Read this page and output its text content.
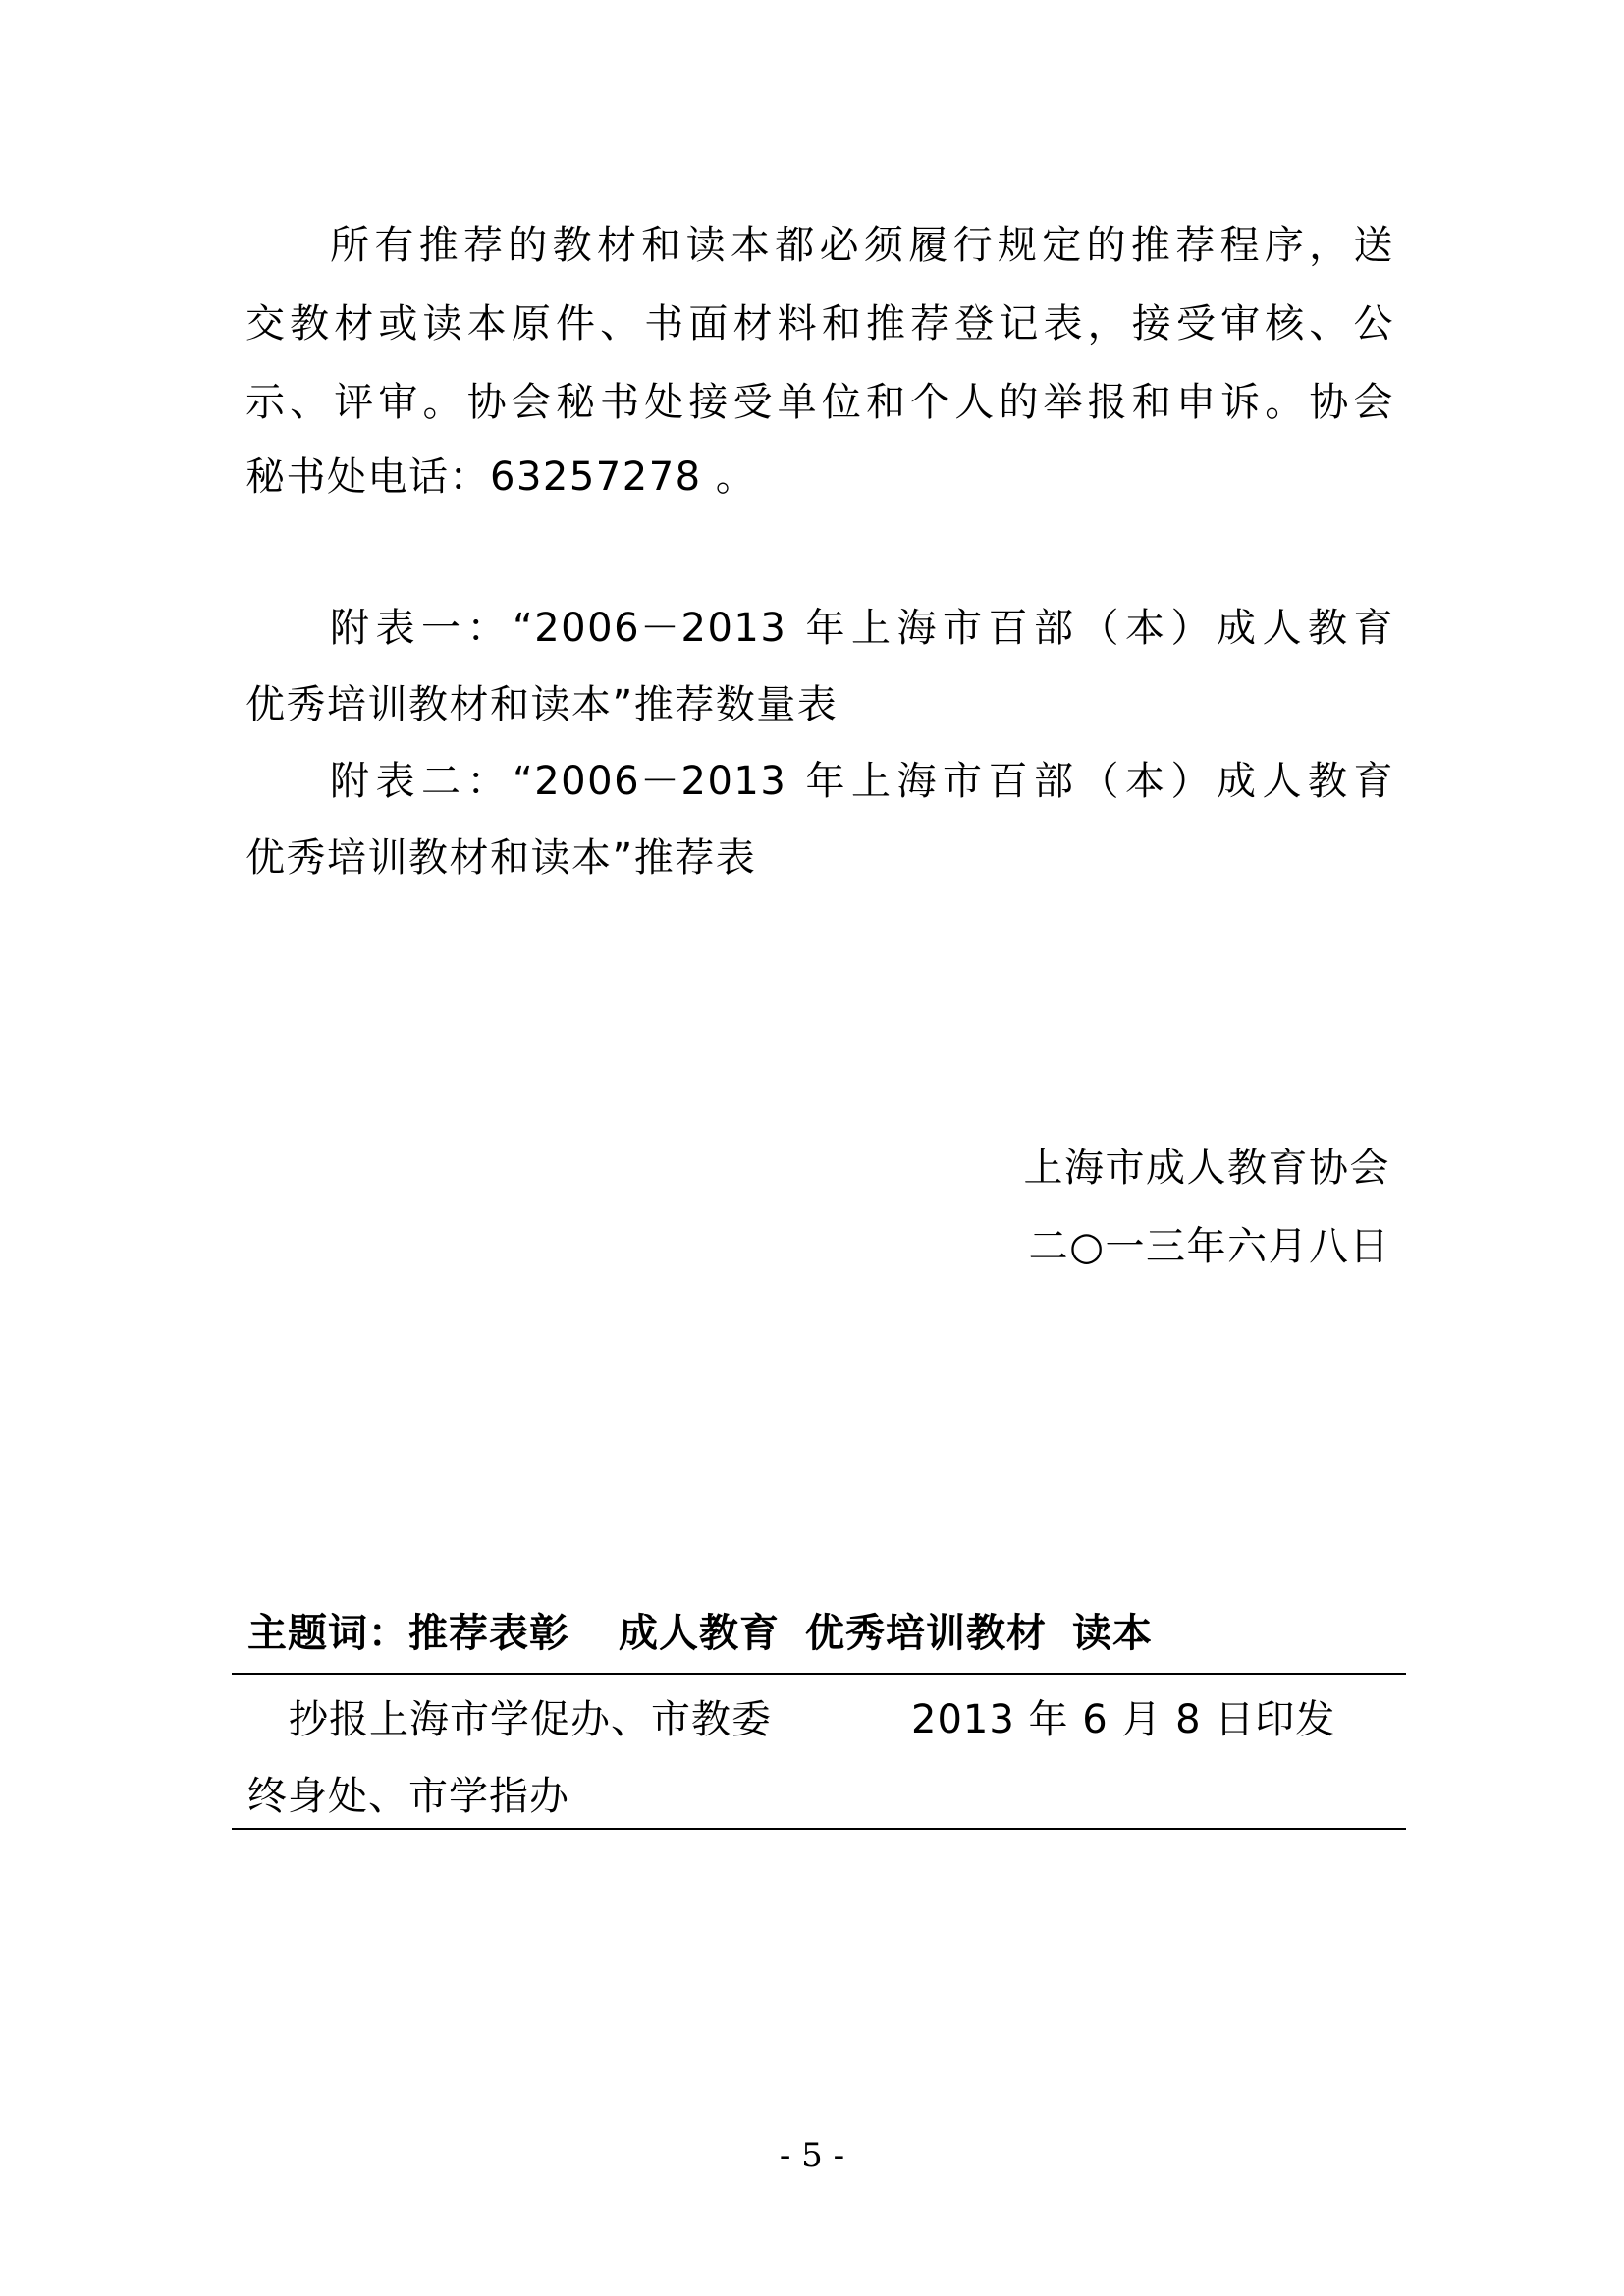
所有推荐的教材和读本都必须履行规定的推荐程序，送
交教材或读本原件、书面材料和推荐登记表，接受审核、公
示、评审。协会秘书处接受单位和个人的举报和申诉。协会
秘书处电话：63257278 。
附表一：“2006－2013 年上海市百部（本）成人教育
优秀培训教材和读本”推荐数量表
附表二：“2006－2013 年上海市百部（本）成人教育
优秀培训教材和读本”推荐表
上海市成人教育协会
二○一三年六月八日
主题词：推荐表彰 成人教育 优秀培训教材 读本
抄报上海市学促办、市教委	2013 年 6 月 8 日印发
终身处、市学指办
- 5 -
